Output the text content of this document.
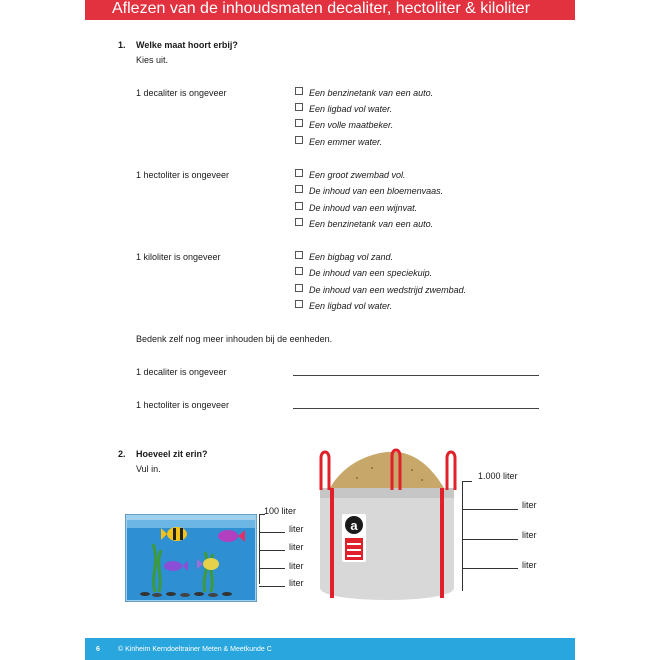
Aflezen van de inhoudsmaten decaliter, hectoliter & kiloliter
1. Welke maat hoort erbij?
Kies uit.
1 decaliter is ongeveer	Een benzinetank van een auto.
Een ligbad vol water.
Een volle maatbeker.
Een emmer water.
1 hectoliter is ongeveer	Een groot zwembad vol.
De inhoud van een bloemenvaas.
De inhoud van een wijnvat.
Een benzinetank van een auto.
1 kiloliter is ongeveer	Een bigbag vol zand.
De inhoud van een speciekuip.
De inhoud van een wedstrijd zwembad.
Een ligbad vol water.
Bedenk zelf nog meer inhouden bij de eenheden.
1 decaliter is ongeveer
1 hectoliter is ongeveer
2. Hoeveel zit erin?
Vul in.
100 liter
liter
liter
liter
liter
a
1.000 liter
liter
liter
liter
6	© Kinheim Kerndoeltrainer Meten & Meetkunde C
